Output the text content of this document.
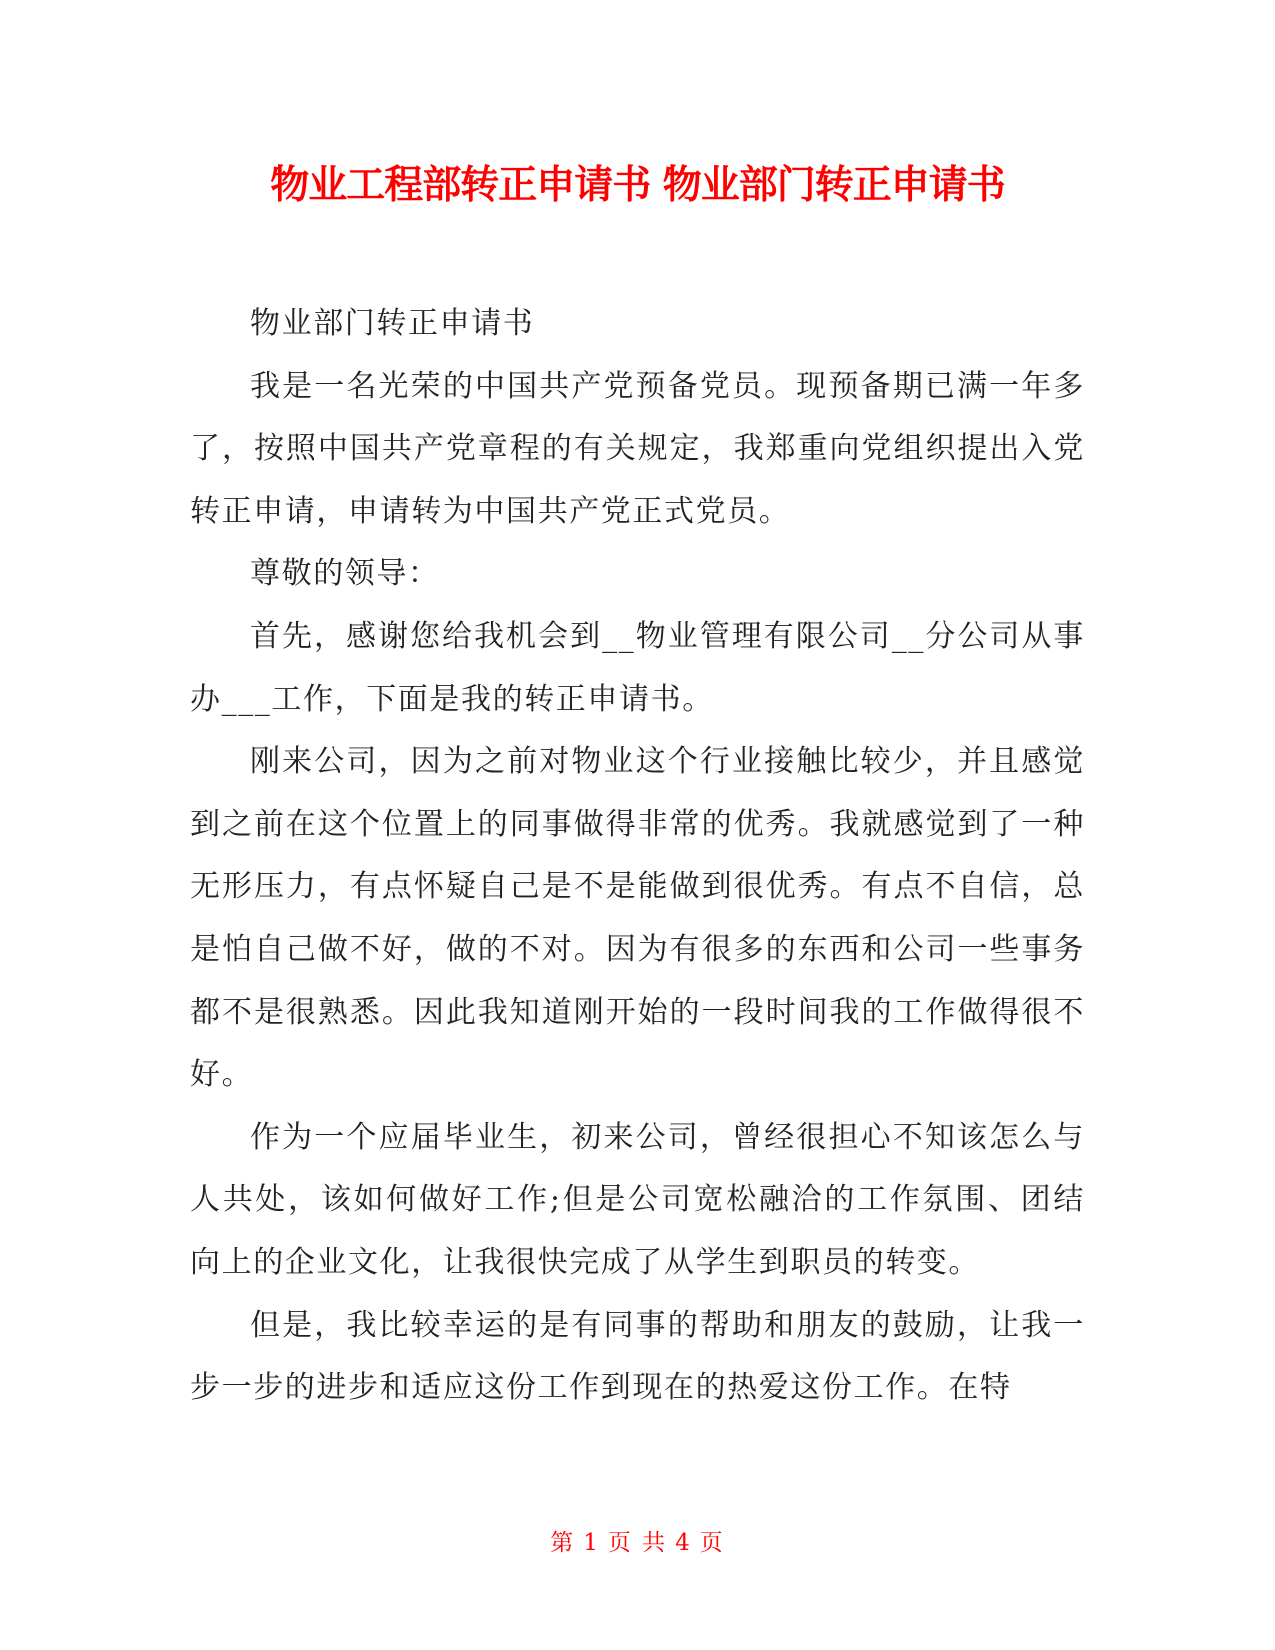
物业工程部转正申请书 物业部门转正申请书

物业部门转正申请书

我是一名光荣的中国共产党预备党员。现预备期已满一年多了，按照中国共产党章程的有关规定，我郑重向党组织提出入党转正申请，申请转为中国共产党正式党员。

尊敬的领导：

首先，感谢您给我机会到__物业管理有限公司__分公司从事办___工作，下面是我的转正申请书。

刚来公司，因为之前对物业这个行业接触比较少，并且感觉到之前在这个位置上的同事做得非常的优秀。我就感觉到了一种无形压力，有点怀疑自己是不是能做到很优秀。有点不自信，总是怕自己做不好，做的不对。因为有很多的东西和公司一些事务都不是很熟悉。因此我知道刚开始的一段时间我的工作做得很不好。

作为一个应届毕业生，初来公司，曾经很担心不知该怎么与人共处，该如何做好工作;但是公司宽松融洽的工作氛围、团结向上的企业文化，让我很快完成了从学生到职员的转变。

但是，我比较幸运的是有同事的帮助和朋友的鼓励，让我一步一步的进步和适应这份工作到现在的热爱这份工作。在特

第 1 页 共 4 页
